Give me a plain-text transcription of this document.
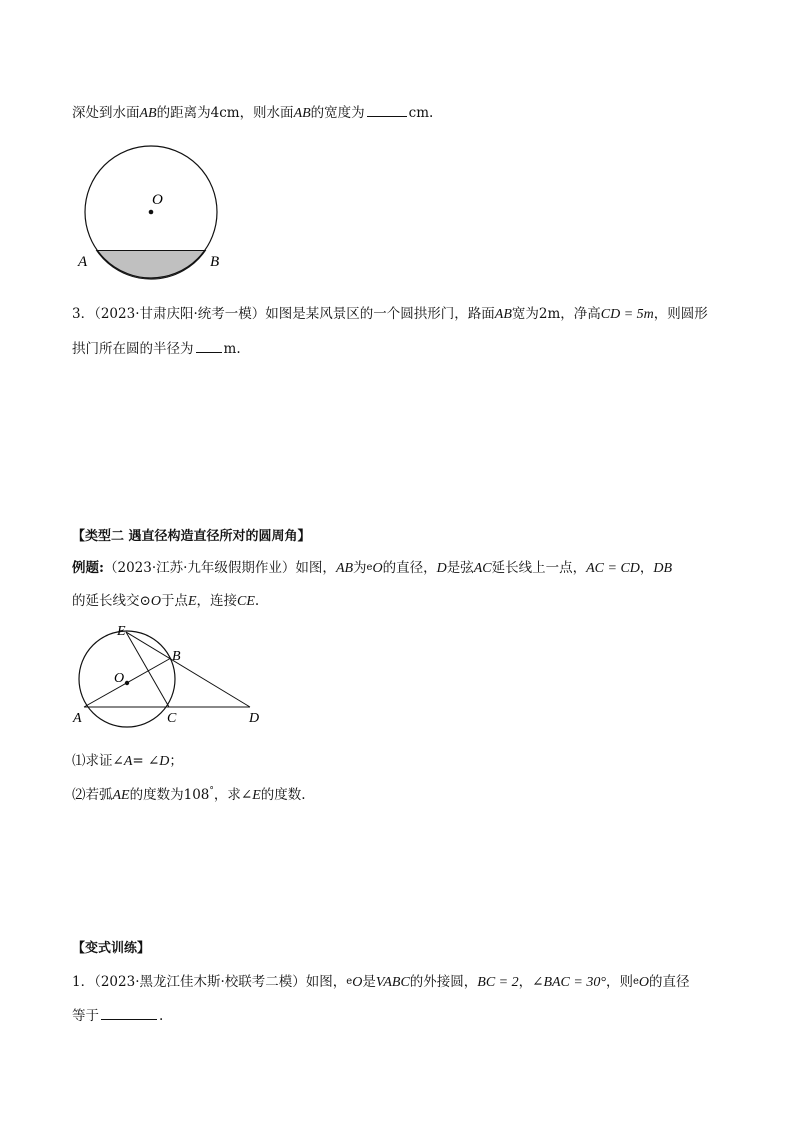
深处到水面AB的距离为4cm，则水面AB的宽度为	cm.
O
A	B
3．（2023·甘肃庆阳·统考一模）如图是某风景区的一个圆拱形门，路面AB宽为2m，净高CD = 5m，则圆形
拱门所在圆的半径为 m.
【类型二 遇直径构造直径所对的圆周角】
例题:（2023·江苏·九年级假期作业）如图，AB为eO的直径，D是弦AC延长线上一点，AC = CD，DB
的延长线交⊙O于点E，连接CE.
E
B
O
A	C	D
⑴求证∠A= ∠D；
⑵若弧AE的度数为108°，求∠E的度数.
【变式训练】
1．（2023·黑龙江佳木斯·校联考二模）如图，eO是VABC的外接圆，BC = 2，∠BAC = 30°，则eO的直径
等于	.
